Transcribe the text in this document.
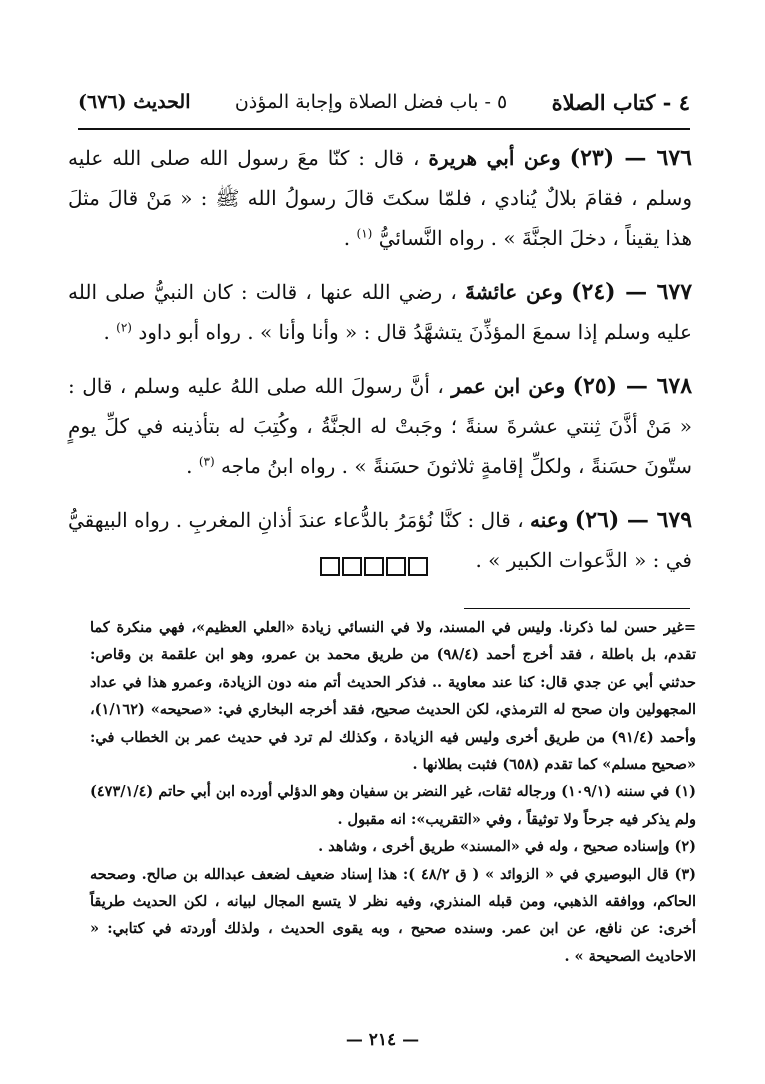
٤ - كتاب الصلاة
٥ - باب فضل الصلاة وإجابة المؤذن
الحديث (٦٧٦)

٦٧٦ — (٢٣) وعن أبي هريرة ، قال : كنّا معَ رسول الله صلى الله عليه وسلم ، فقامَ بلالٌ يُنادي ، فلمّا سكتَ قالَ رسولُ الله ﷺ : « مَنْ قالَ مثلَ هذا يقيناً ، دخلَ الجنَّةَ » . رواه النَّسائيُّ $^{(١)}$ .

٦٧٧ — (٢٤) وعن عائشةَ ، رضي الله عنها ، قالت : كان النبيُّ صلى الله عليه وسلم إذا سمعَ المؤذِّنَ يتشهَّدُ قال : « وأنا وأنا » . رواه أبو داود $^{(٢)}$ .

٦٧٨ — (٢٥) وعن ابن عمر ، أنَّ رسولَ الله صلى اللهُ عليه وسلم ، قال : « مَنْ أذَّنَ ثِنتي عشرةَ سنةً ؛ وجَبتْ له الجنَّةُ ، وكُتِبَ له بتأذينه في كلِّ يومٍ ستّونَ حسَنةً ، ولكلِّ إقامةٍ ثلاثونَ حسَنةً » . رواه ابنُ ماجه $^{(٣)}$ .

٦٧٩ — (٢٦) وعنه ، قال : كنَّا نُؤمَرُ بالدُّعاء عندَ أذانِ المغربِ . رواه البيهقيُّ في : « الدَّعوات الكبير » .

=غير حسن لما ذكرنا. وليس في المسند، ولا في النسائي زيادة «العلي العظيم»، فهي منكرة كما تقدم، بل باطلة ، فقد أخرج أحمد (٩٨/٤) من طريق محمد بن عمرو، وهو ابن علقمة بن وقاص: حدثني أبي عن جدي قال: كنا عند معاوية .. فذكر الحديث أتم منه دون الزيادة، وعمرو هذا في عداد المجهولين وان صحح له الترمذي، لكن الحديث صحيح، فقد أخرجه البخاري في: «صحيحه» (١/١٦٢)، وأحمد (٩١/٤) من طريق أخرى وليس فيه الزيادة ، وكذلك لم ترد في حديث عمر بن الخطاب في: «صحيح مسلم» كما تقدم (٦٥٨) فثبت بطلانها .

(١) في سننه (١٠٩/١) ورجاله ثقات، غير النضر بن سفيان وهو الدؤلي أورده ابن أبي حاتم (٤٧٣/١/٤) ولم يذكر فيه جرحاً ولا توثيقاً ، وفي «التقريب»: انه مقبول .

(٢) وإسناده صحيح ، وله في «المسند» طريق أخرى ، وشاهد .

(٣) قال البوصيري في « الزوائد » ( ق ٤٨/٢ ): هذا إسناد ضعيف لضعف عبدالله بن صالح. وصححه الحاكم، ووافقه الذهبي، ومن قبله المنذري، وفيه نظر لا يتسع المجال لبيانه ، لكن الحديث طريقاً أخرى: عن نافع، عن ابن عمر. وسنده صحيح ، وبه يقوى الحديث ، ولذلك أوردته في كتابي: « الاحاديث الصحيحة » .

— ٢١٤ —
